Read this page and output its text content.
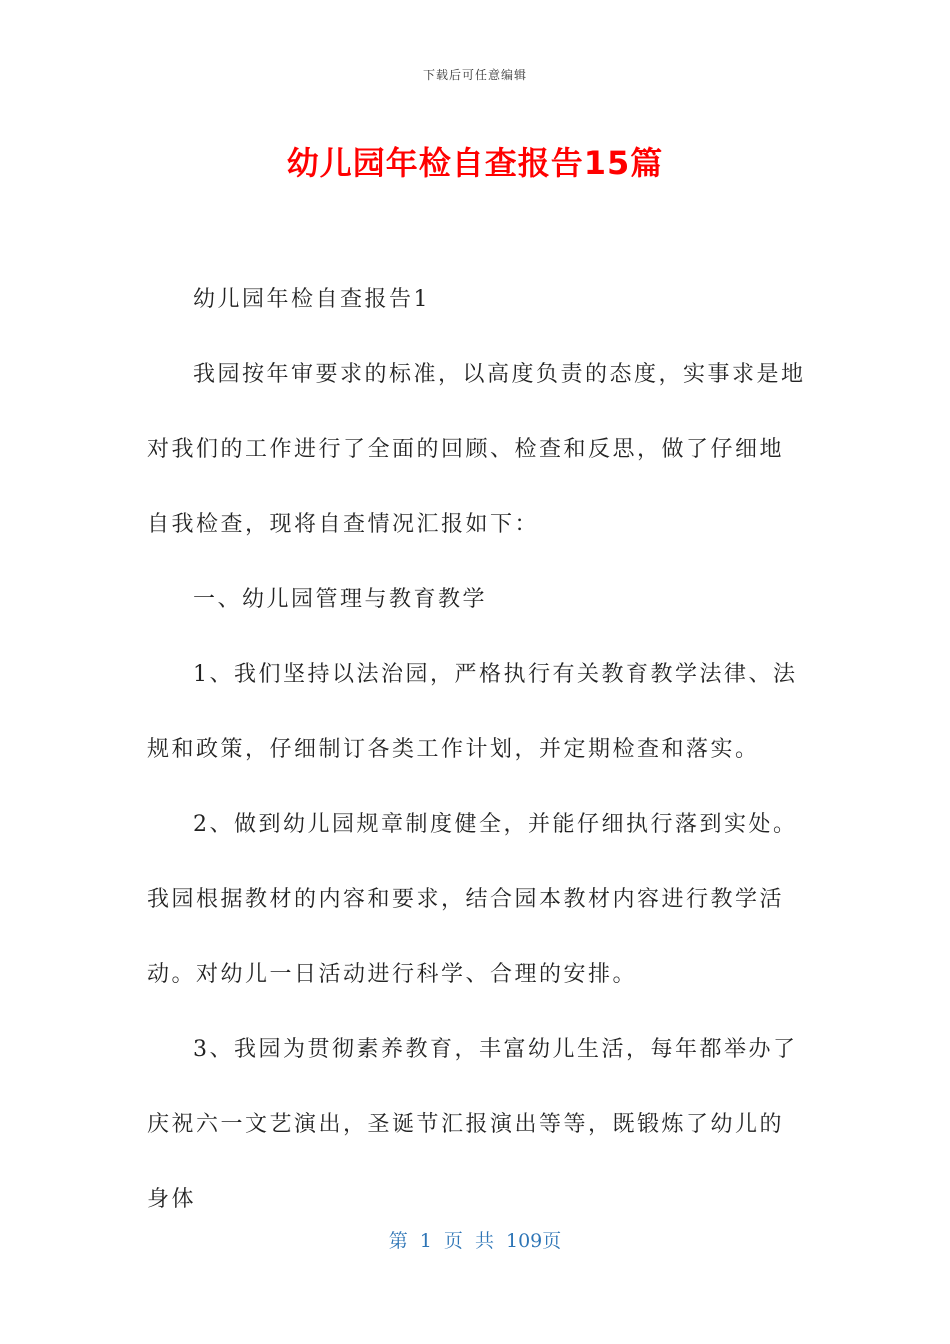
下载后可任意编辑
幼儿园年检自查报告15篇

幼儿园年检自查报告1

我园按年审要求的标准，以高度负责的态度，实事求是地对我们的工作进行了全面的回顾、检查和反思，做了仔细地自我检查，现将自查情况汇报如下：

一、幼儿园管理与教育教学

1、我们坚持以法治园，严格执行有关教育教学法律、法规和政策，仔细制订各类工作计划，并定期检查和落实。

2、做到幼儿园规章制度健全，并能仔细执行落到实处。我园根据教材的内容和要求，结合园本教材内容进行教学活动。对幼儿一日活动进行科学、合理的安排。

3、我园为贯彻素养教育，丰富幼儿生活，每年都举办了庆祝六一文艺演出，圣诞节汇报演出等等，既锻炼了幼儿的身体

第 1 页 共 109页
